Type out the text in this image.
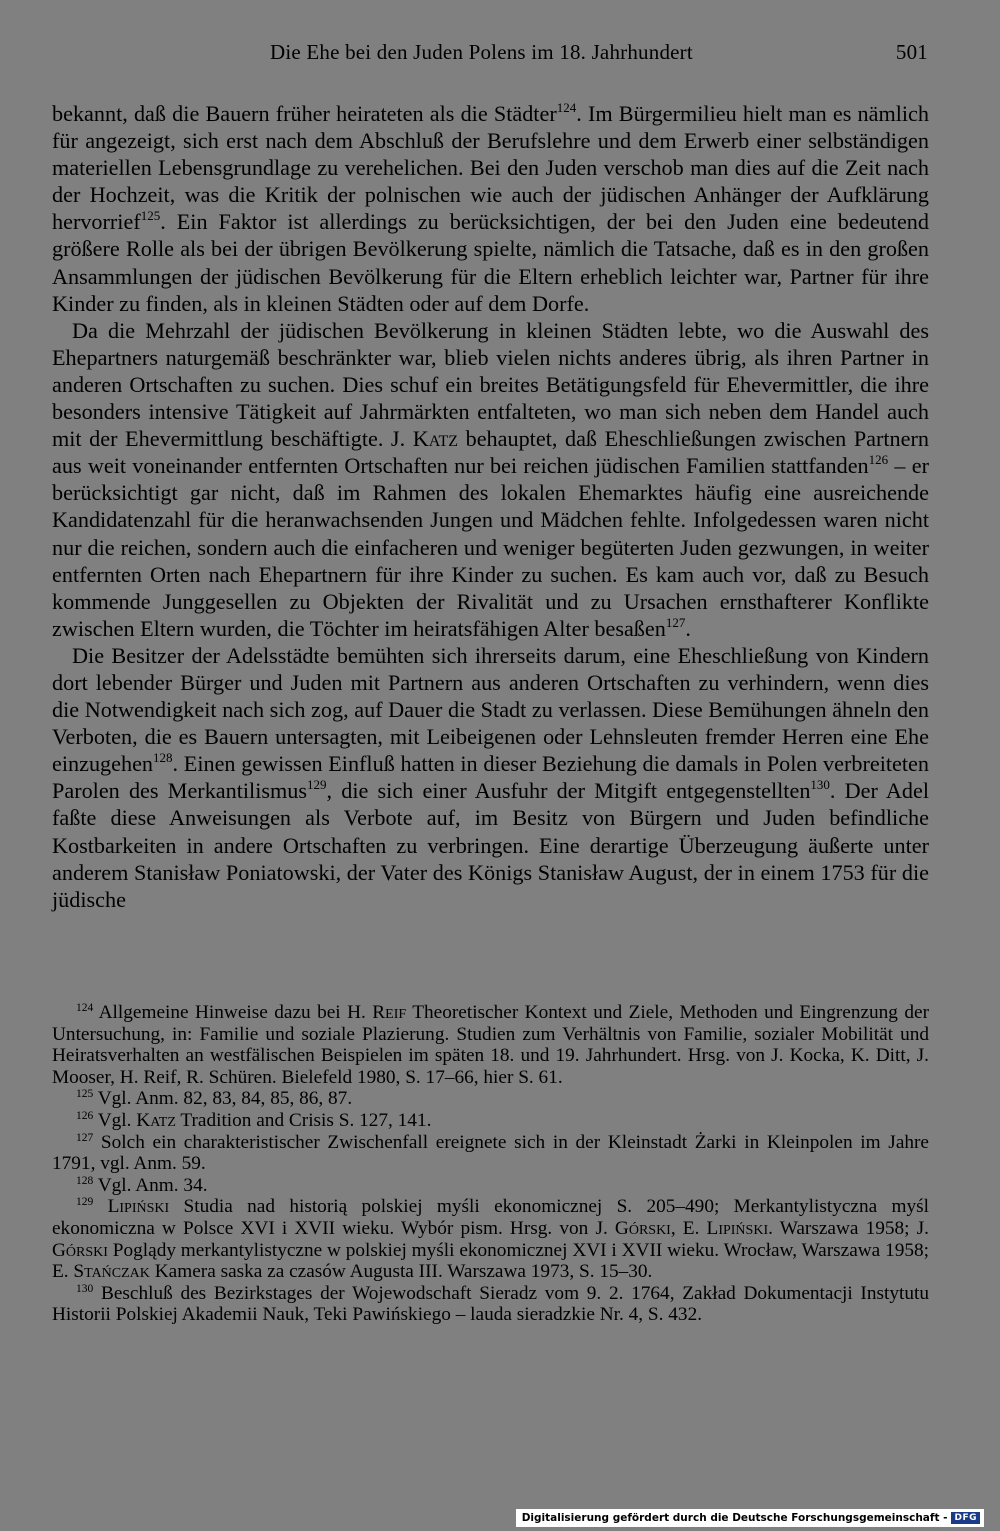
Die Ehe bei den Juden Polens im 18. Jahrhundert	501

bekannt, daß die Bauern früher heirateten als die Städter$^{124}$. Im Bürgermilieu hielt man es nämlich für angezeigt, sich erst nach dem Abschluß der Berufslehre und dem Erwerb einer selbständigen materiellen Lebensgrundlage zu verehelichen. Bei den Juden verschob man dies auf die Zeit nach der Hochzeit, was die Kritik der polnischen wie auch der jüdischen Anhänger der Aufklärung hervorrief$^{125}$. Ein Faktor ist allerdings zu berücksichtigen, der bei den Juden eine bedeutend größere Rolle als bei der übrigen Bevölkerung spielte, nämlich die Tatsache, daß es in den großen Ansammlungen der jüdischen Bevölkerung für die Eltern erheblich leichter war, Partner für ihre Kinder zu finden, als in kleinen Städten oder auf dem Dorfe.

Da die Mehrzahl der jüdischen Bevölkerung in kleinen Städten lebte, wo die Auswahl des Ehepartners naturgemäß beschränkter war, blieb vielen nichts anderes übrig, als ihren Partner in anderen Ortschaften zu suchen. Dies schuf ein breites Betätigungsfeld für Ehevermittler, die ihre besonders intensive Tätigkeit auf Jahrmärkten entfalteten, wo man sich neben dem Handel auch mit der Ehevermittlung beschäftigte. J. Katz behauptet, daß Eheschließungen zwischen Partnern aus weit voneinander entfernten Ortschaften nur bei reichen jüdischen Familien stattfanden$^{126}$ – er berücksichtigt gar nicht, daß im Rahmen des lokalen Ehemarktes häufig eine ausreichende Kandidatenzahl für die heranwachsenden Jungen und Mädchen fehlte. Infolgedessen waren nicht nur die reichen, sondern auch die einfacheren und weniger begüterten Juden gezwungen, in weiter entfernten Orten nach Ehepartnern für ihre Kinder zu suchen. Es kam auch vor, daß zu Besuch kommende Junggesellen zu Objekten der Rivalität und zu Ursachen ernsthafterer Konflikte zwischen Eltern wurden, die Töchter im heiratsfähigen Alter besaßen$^{127}$.

Die Besitzer der Adelsstädte bemühten sich ihrerseits darum, eine Eheschließung von Kindern dort lebender Bürger und Juden mit Partnern aus anderen Ortschaften zu verhindern, wenn dies die Notwendigkeit nach sich zog, auf Dauer die Stadt zu verlassen. Diese Bemühungen ähneln den Verboten, die es Bauern untersagten, mit Leibeigenen oder Lehnsleuten fremder Herren eine Ehe einzugehen$^{128}$. Einen gewissen Einfluß hatten in dieser Beziehung die damals in Polen verbreiteten Parolen des Merkantilismus$^{129}$, die sich einer Ausfuhr der Mitgift entgegenstellten$^{130}$. Der Adel faßte diese Anweisungen als Verbote auf, im Besitz von Bürgern und Juden befindliche Kostbarkeiten in andere Ortschaften zu verbringen. Eine derartige Überzeugung äußerte unter anderem Stanisław Poniatowski, der Vater des Königs Stanisław August, der in einem 1753 für die jüdische

$^{124}$ Allgemeine Hinweise dazu bei H. Reif Theoretischer Kontext und Ziele, Methoden und Eingrenzung der Untersuchung, in: Familie und soziale Plazierung. Studien zum Verhältnis von Familie, sozialer Mobilität und Heiratsverhalten an westfälischen Beispielen im späten 18. und 19. Jahrhundert. Hrsg. von J. Kocka, K. Ditt, J. Mooser, H. Reif, R. Schüren. Bielefeld 1980, S. 17–66, hier S. 61.

$^{125}$ Vgl. Anm. 82, 83, 84, 85, 86, 87.

$^{126}$ Vgl. Katz Tradition and Crisis S. 127, 141.

$^{127}$ Solch ein charakteristischer Zwischenfall ereignete sich in der Kleinstadt Żarki in Kleinpolen im Jahre 1791, vgl. Anm. 59.

$^{128}$ Vgl. Anm. 34.

$^{129}$ Lipiński Studia nad historią polskiej myśli ekonomicznej S. 205–490; Merkantylistyczna myśl ekonomiczna w Polsce XVI i XVII wieku. Wybór pism. Hrsg. von J. Górski, E. Lipiński. Warszawa 1958; J. Górski Poglądy merkantylistyczne w polskiej myśli ekonomicznej XVI i XVII wieku. Wrocław, Warszawa 1958; E. Stańczak Kamera saska za czasów Augusta III. Warszawa 1973, S. 15–30.

$^{130}$ Beschluß des Bezirkstages der Wojewodschaft Sieradz vom 9. 2. 1764, Zakład Dokumentacji Instytutu Historii Polskiej Akademii Nauk, Teki Pawińskiego – lauda sieradzkie Nr. 4, S. 432.

Digitalisierung gefördert durch die Deutsche Forschungsgemeinschaft - DFG
